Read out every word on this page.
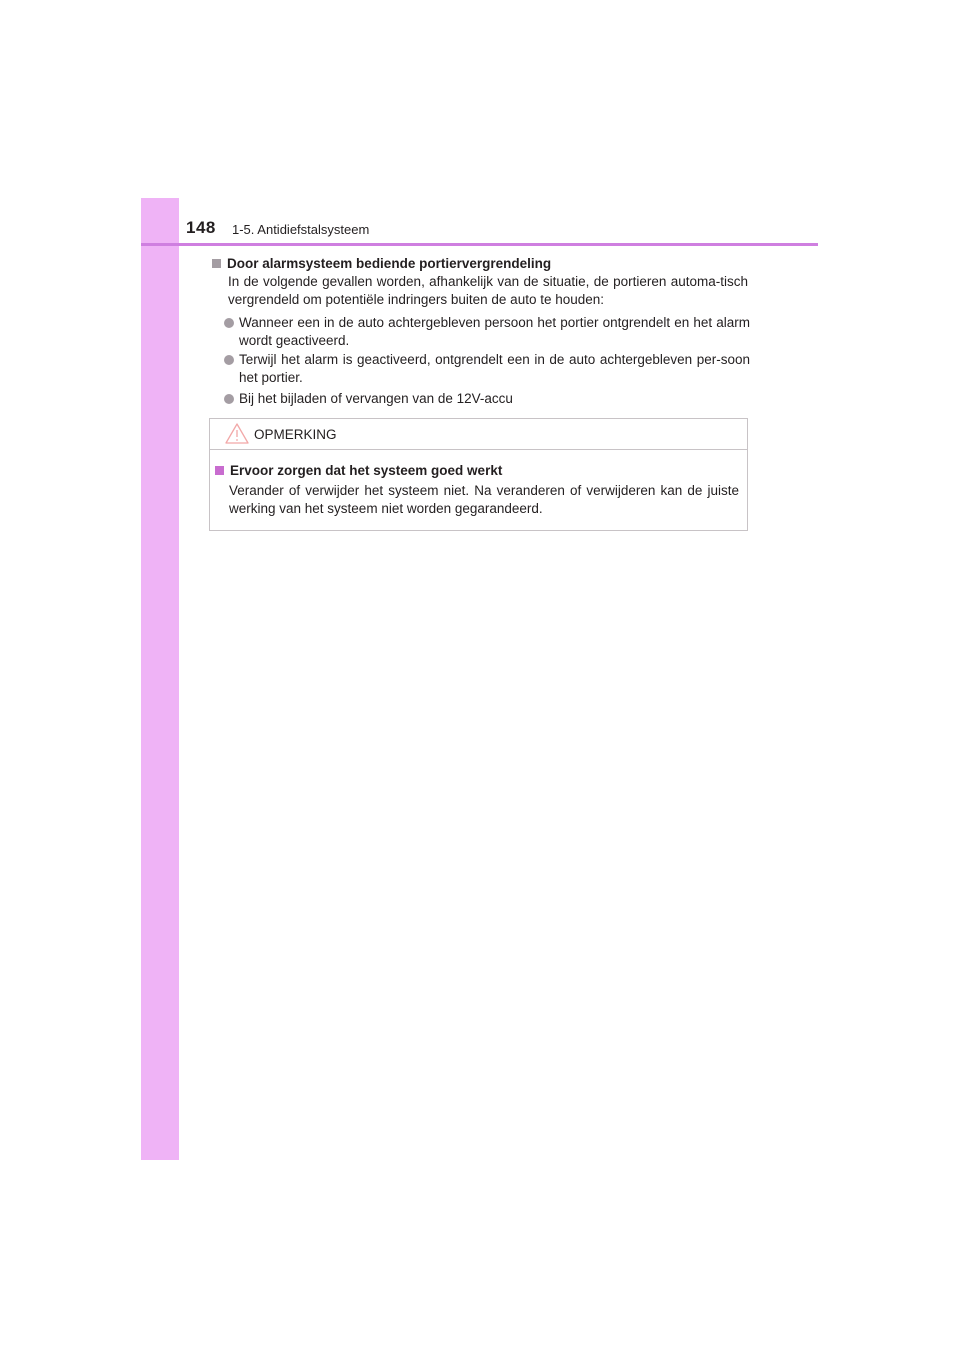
148 1-5. Antidiefstalsysteem
Door alarmsysteem bediende portiervergrendeling
In de volgende gevallen worden, afhankelijk van de situatie, de portieren automa-tisch vergrendeld om potentiële indringers buiten de auto te houden:
Wanneer een in de auto achtergebleven persoon het portier ontgrendelt en het alarm wordt geactiveerd.
Terwijl het alarm is geactiveerd, ontgrendelt een in de auto achtergebleven per-soon het portier.
Bij het bijladen of vervangen van de 12V-accu
OPMERKING
Ervoor zorgen dat het systeem goed werkt
Verander of verwijder het systeem niet. Na veranderen of verwijderen kan de juiste werking van het systeem niet worden gegarandeerd.
